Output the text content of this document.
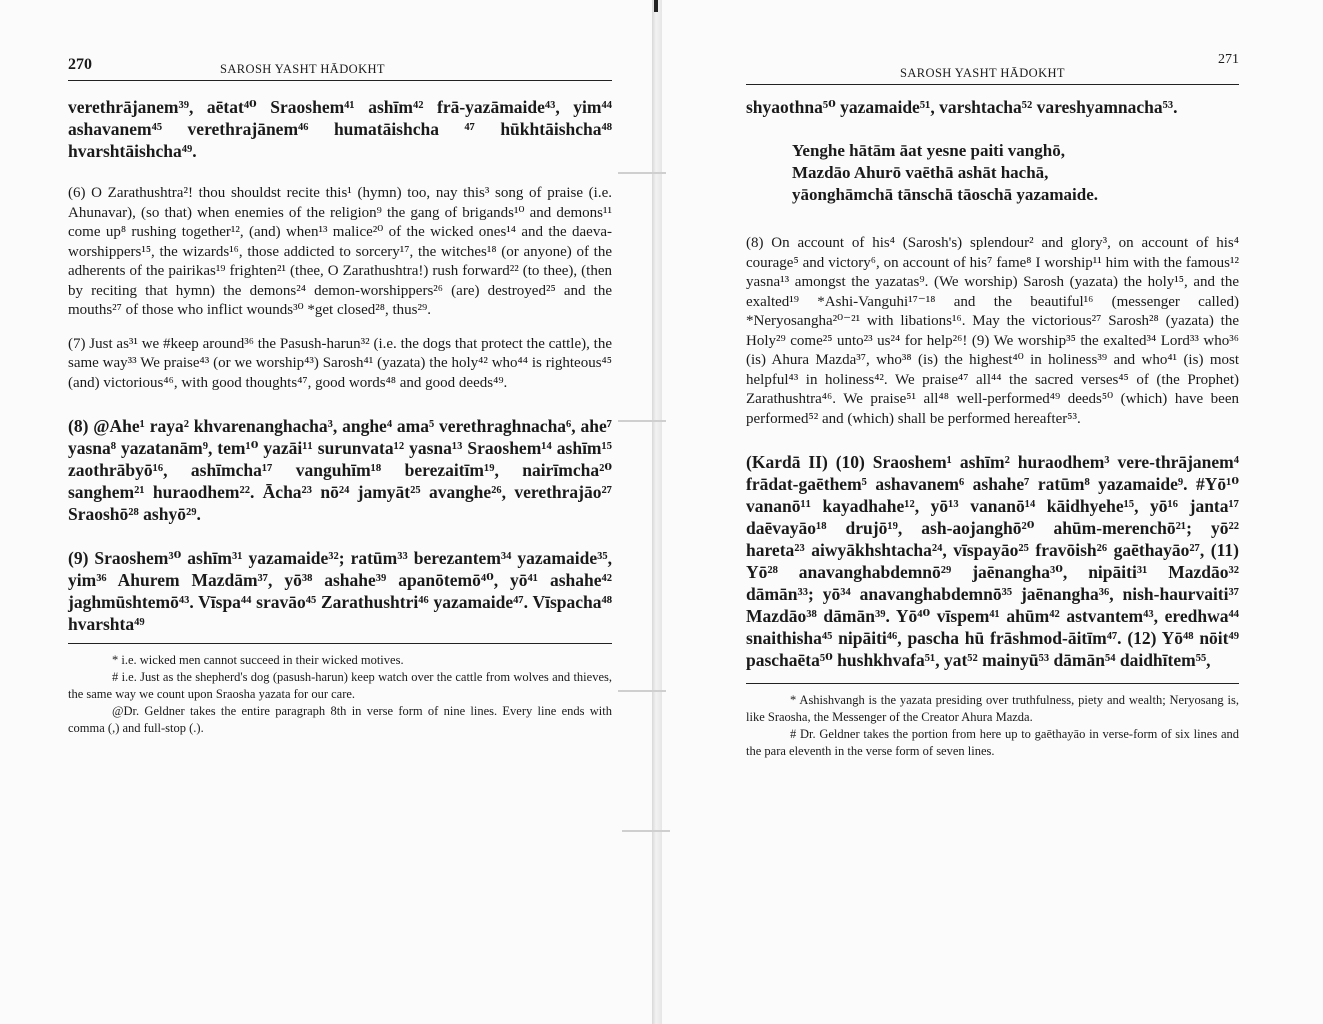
270	SAROSH YASHT HĀDOKHT

verethrājanem³⁹, aētat⁴⁰ Sraoshem⁴¹ ashīm⁴² frā-yazāmaide⁴³, yim⁴⁴ ashavanem⁴⁵ verethrajānem⁴⁶ humatāishcha ⁴⁷ hūkhtāishcha⁴⁸ hvarshtāishcha⁴⁹.

(6) O Zarathushtra²! thou shouldst recite this¹ (hymn) too, nay this³ song of praise (i.e. Ahunavar), (so that) when enemies of the religion⁹ the gang of brigands¹⁰ and demons¹¹ come up⁸ rushing together¹², (and) when¹³ malice²⁰ of the wicked ones¹⁴ and the daeva-worshippers¹⁵, the wizards¹⁶, those addicted to sorcery¹⁷, the witches¹⁸ (or anyone) of the adherents of the pairikas¹⁹ frighten²¹ (thee, O Zarathushtra!) rush forward²² (to thee), (then by reciting that hymn) the demons²⁴ demon-worshippers²⁶ (are) destroyed²⁵ and the mouths²⁷ of those who inflict wounds³⁰ *get closed²⁸, thus²⁹.

(7) Just as³¹ we #keep around³⁶ the Pasush-harun³² (i.e. the dogs that protect the cattle), the same way³³ We praise⁴³ (or we worship⁴³) Sarosh⁴¹ (yazata) the holy⁴² who⁴⁴ is righteous⁴⁵ (and) victorious⁴⁶, with good thoughts⁴⁷, good words⁴⁸ and good deeds⁴⁹.

(8) @Ahe¹ raya² khvarenanghacha³, anghe⁴ ama⁵ verethraghnacha⁶, ahe⁷ yasna⁸ yazatanām⁹, tem¹⁰ yazāi¹¹ surunvata¹² yasna¹³ Sraoshem¹⁴ ashīm¹⁵ zaothrābyō¹⁶, ashīmcha¹⁷ vanguhīm¹⁸ berezaitīm¹⁹, nairīmcha²⁰ sanghem²¹ huraodhem²². Ācha²³ nō²⁴ jamyāt²⁵ avanghe²⁶, verethrajāo²⁷ Sraoshō²⁸ ashyō²⁹.

(9) Sraoshem³⁰ ashīm³¹ yazamaide³²; ratūm³³ berezantem³⁴ yazamaide³⁵, yim³⁶ Ahurem Mazdām³⁷, yō³⁸ ashahe³⁹ apanōtemō⁴⁰, yō⁴¹ ashahe⁴² jaghmūshtemō⁴³. Vīspa⁴⁴ sravāo⁴⁵ Zarathushtri⁴⁶ yazamaide⁴⁷. Vīspacha⁴⁸ hvarshta⁴⁹

* i.e. wicked men cannot succeed in their wicked motives.

# i.e. Just as the shepherd's dog (pasush-harun) keep watch over the cattle from wolves and thieves, the same way we count upon Sraosha yazata for our care.

@Dr. Geldner takes the entire paragraph 8th in verse form of nine lines. Every line ends with comma (,) and full-stop (.).

SAROSH YASHT HĀDOKHT
271

shyaothna⁵⁰ yazamaide⁵¹, varshtacha⁵² vareshyamnacha⁵³.

Yenghe hātām āat yesne paiti vanghō,
Mazdāo Ahurō vaēthā ashāt hachā,
yāonghāmchā tānschā tāoschā yazamaide.

(8) On account of his⁴ (Sarosh's) splendour² and glory³, on account of his⁴ courage⁵ and victory⁶, on account of his⁷ fame⁸ I worship¹¹ him with the famous¹² yasna¹³ amongst the yazatas⁹. (We worship) Sarosh (yazata) the holy¹⁵, and the exalted¹⁹ *Ashi-Vanguhi¹⁷⁻¹⁸ and the beautiful¹⁶ (messenger called) *Neryosangha²⁰⁻²¹ with libations¹⁶. May the victorious²⁷ Sarosh²⁸ (yazata) the Holy²⁹ come²⁵ unto²³ us²⁴ for help²⁶! (9) We worship³⁵ the exalted³⁴ Lord³³ who³⁶ (is) Ahura Mazda³⁷, who³⁸ (is) the highest⁴⁰ in holiness³⁹ and who⁴¹ (is) most helpful⁴³ in holiness⁴². We praise⁴⁷ all⁴⁴ the sacred verses⁴⁵ of (the Prophet) Zarathushtra⁴⁶. We praise⁵¹ all⁴⁸ well-performed⁴⁹ deeds⁵⁰ (which) have been performed⁵² and (which) shall be performed hereafter⁵³.

(Kardā II) (10) Sraoshem¹ ashīm² huraodhem³ vere-thrājanem⁴ frādat-gaēthem⁵ ashavanem⁶ ashahe⁷ ratūm⁸ yazamaide⁹. #Yō¹⁰ vananō¹¹ kayadhahe¹², yō¹³ vananō¹⁴ kāidhyehe¹⁵, yō¹⁶ janta¹⁷ daēvayāo¹⁸ drujō¹⁹, ash-aojanghō²⁰ ahūm-merenchō²¹; yō²² hareta²³ aiwyākhshtacha²⁴, vīspayāo²⁵ fravōish²⁶ gaēthayāo²⁷, (11) Yō²⁸ anavanghabdemnō²⁹ jaēnangha³⁰, nipāiti³¹ Mazdāo³² dāmān³³; yō³⁴ anavanghabdemnō³⁵ jaēnangha³⁶, nish-haurvaiti³⁷ Mazdāo³⁸ dāmān³⁹. Yō⁴⁰ vīspem⁴¹ ahūm⁴² astvantem⁴³, eredhwa⁴⁴ snaithisha⁴⁵ nipāiti⁴⁶, pascha hū frāshmod-āitīm⁴⁷. (12) Yō⁴⁸ nōit⁴⁹ paschaēta⁵⁰ hushkhvafa⁵¹, yat⁵² mainyū⁵³ dāmān⁵⁴ daidhītem⁵⁵,

* Ashishvangh is the yazata presiding over truthfulness, piety and wealth; Neryosang is, like Sraosha, the Messenger of the Creator Ahura Mazda.

# Dr. Geldner takes the portion from here up to gaēthayāo in verse-form of six lines and the para eleventh in the verse form of seven lines.
